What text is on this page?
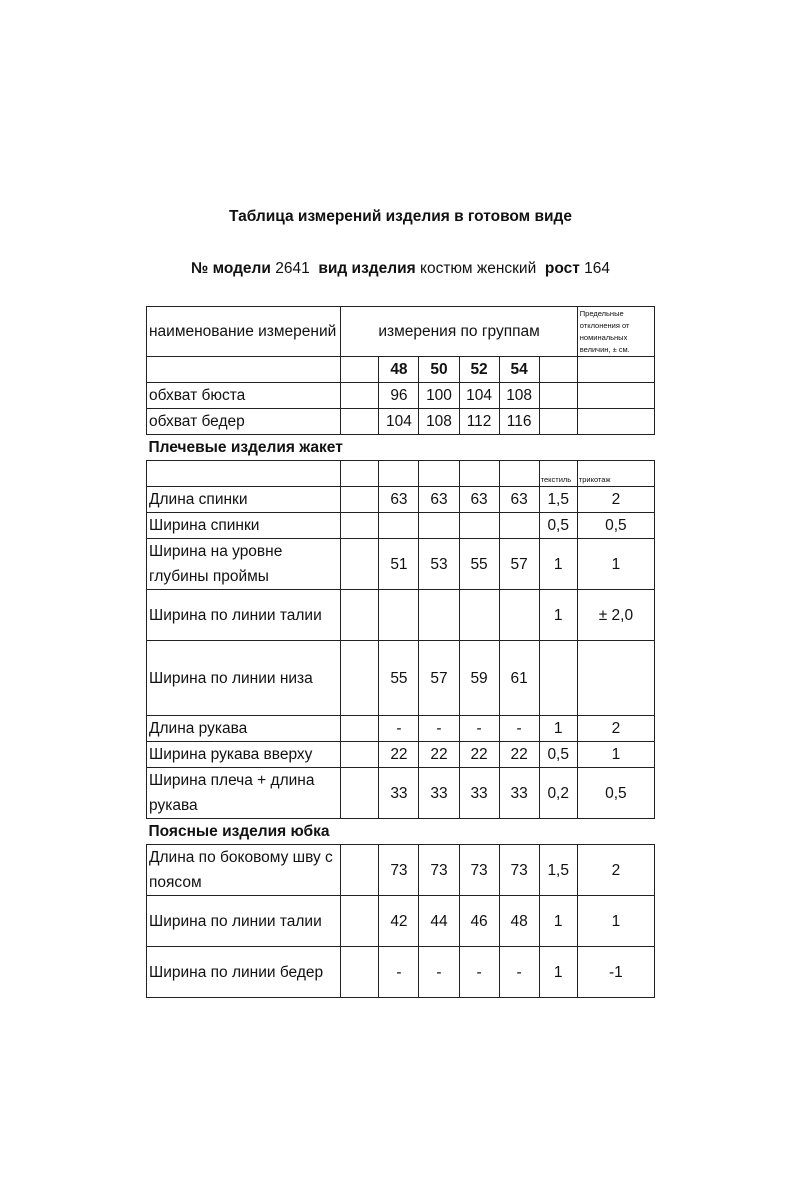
Таблица измерений изделия в готовом виде
№ модели 2641 вид изделия костюм женский рост 164
наименование измерений	измерения по группам						Предельные отклонения от номинальных величин, ± см.
		48	50	52	54		
обхват бюста		96	100	104	108		
обхват бедер		104	108	112	116		
Плечевые изделия жакет							
						текстиль	трикотаж
Длина спинки		63	63	63	63	1,5	2
Ширина спинки						0,5	0,5
Ширина на уровне глубины проймы		51	53	55	57	1	1
Ширина по линии талии						1	± 2,0
Ширина по линии низа		55	57	59	61		
Длина рукава		-	-	-	-	1	2
Ширина рукава вверху		22	22	22	22	0,5	1
Ширина плеча + длина рукава		33	33	33	33	0,2	0,5
Поясные изделия юбка							
Длина по боковому шву с поясом		73	73	73	73	1,5	2
Ширина по линии талии		42	44	46	48	1	1
Ширина по линии бедер		-	-	-	-	1	-1
